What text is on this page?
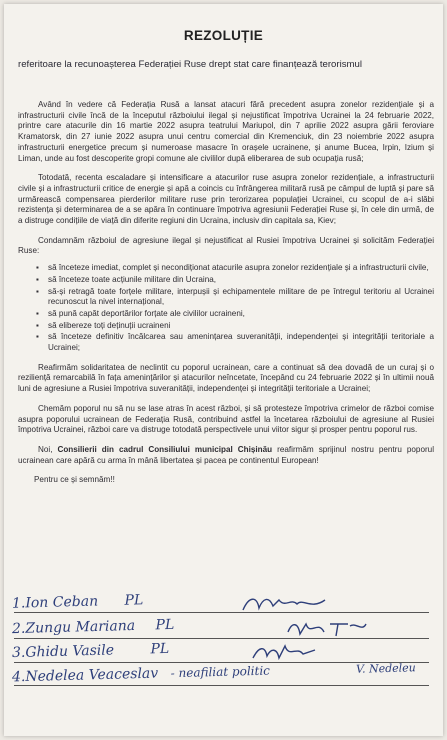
REZOLUȚIE
referitoare la recunoașterea Federației Ruse drept stat care finanțează terorismul

Având în vedere că Federația Rusă a lansat atacuri fără precedent asupra zonelor rezidențiale și a infrastructurii civile încă de la începutul războiului ilegal și nejustificat împotriva Ucrainei la 24 februarie 2022, printre care atacurile din 16 martie 2022 asupra teatrului Mariupol, din 7 aprilie 2022 asupra gării feroviare Kramatorsk, din 27 iunie 2022 asupra unui centru comercial din Kremenciuk, din 23 noiembrie 2022 asupra infrastructurii energetice precum și numeroase masacre în orașele ucrainene, și anume Bucea, Irpin, Izium și Liman, unde au fost descoperite gropi comune ale civililor după eliberarea de sub ocupația rusă;

Totodată, recenta escaladare și intensificare a atacurilor ruse asupra zonelor rezidențiale, a infrastructurii civile și a infrastructurii critice de energie și apă a coincis cu înfrângerea militară rusă pe câmpul de luptă și pare să urmărească compensarea pierderilor militare ruse prin terorizarea populației Ucrainei, cu scopul de a-i slăbi rezistența și determinarea de a se apăra în continuare împotriva agresiunii Federației Ruse și, în cele din urmă, de a distruge condițiile de viață din diferite regiuni din Ucraina, inclusiv din capitala sa, Kiev;

Condamnăm războiul de agresiune ilegal și nejustificat al Rusiei împotriva Ucrainei și solicităm Federației Ruse:

▪ să înceteze imediat, complet și necondiționat atacurile asupra zonelor rezidențiale și a infrastructurii civile,
▪ să înceteze toate acțiunile militare din Ucraina,
▪ să-și retragă toate forțele militare, interpușii și echipamentele militare de pe întregul teritoriu al Ucrainei recunoscut la nivel internațional,
▪ să pună capăt deportărilor forțate ale civililor ucraineni,
▪ să elibereze toți deținuții ucraineni
▪ să înceteze definitiv încălcarea sau amenințarea suveranității, independenței și integrității teritoriale a Ucrainei;

Reafirmăm solidaritatea de neclintit cu poporul ucrainean, care a continuat să dea dovadă de un curaj și o reziliență remarcabilă în fața amenințărilor și atacurilor neîncetate, începând cu 24 februarie 2022 și în ultimii nouă luni de agresiune a Rusiei împotriva suveranității, independenței și integrității teritoriale a Ucrainei;

Chemăm poporul nu să nu se lase atras în acest război, și să protesteze împotriva crimelor de război comise asupra poporului ucrainean de Federația Rusă, contribuind astfel la încetarea războiului de agresiune al Rusiei împotriva Ucrainei, război care va distruge totodată perspectivele unui viitor sigur și prosper pentru poporul rus.

Noi, Consilierii din cadrul Consiliului municipal Chișinău reafirmăm sprijinul nostru pentru poporul ucrainean care apără cu arma în mână libertatea și pacea pe continentul European!

Pentru ce și semnăm!!

1.Ion Ceban PL
2.Zungu Mariana PL
3.Ghidu Vasile	PL
4.Nedelea Veaceslav - neafiliat politic	V. Nedeleu
